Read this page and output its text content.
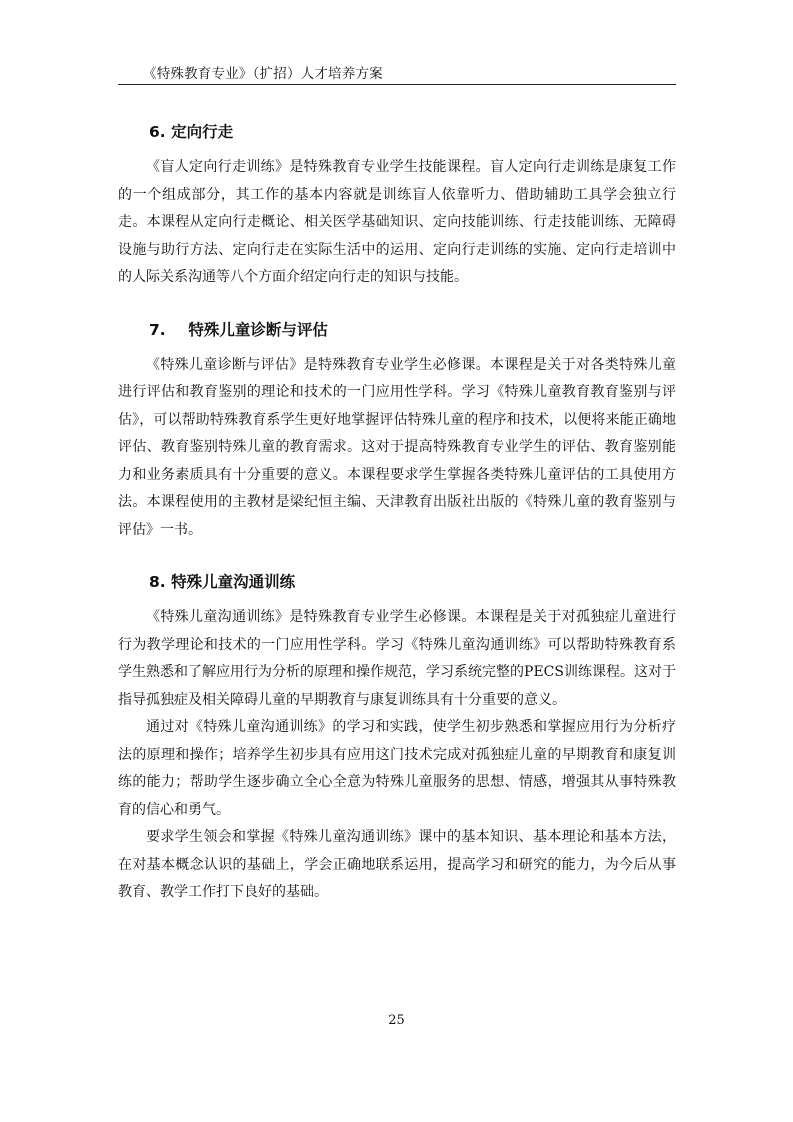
《特殊教育专业》（扩招）人才培养方案
6. 定向行走

《盲人定向行走训练》是特殊教育专业学生技能课程。盲人定向行走训练是康复工作的一个组成部分，其工作的基本内容就是训练盲人依靠听力、借助辅助工具学会独立行走。本课程从定向行走概论、相关医学基础知识、定向技能训练、行走技能训练、无障碍设施与助行方法、定向行走在实际生活中的运用、定向行走训练的实施、定向行走培训中的人际关系沟通等八个方面介绍定向行走的知识与技能。

7. 特殊儿童诊断与评估

《特殊儿童诊断与评估》是特殊教育专业学生必修课。本课程是关于对各类特殊儿童进行评估和教育鉴别的理论和技术的一门应用性学科。学习《特殊儿童教育教育鉴别与评估》，可以帮助特殊教育系学生更好地掌握评估特殊儿童的程序和技术，以便将来能正确地评估、教育鉴别特殊儿童的教育需求。这对于提高特殊教育专业学生的评估、教育鉴别能力和业务素质具有十分重要的意义。本课程要求学生掌握各类特殊儿童评估的工具使用方法。本课程使用的主教材是梁纪恒主编、天津教育出版社出版的《特殊儿童的教育鉴别与评估》一书。

8. 特殊儿童沟通训练

《特殊儿童沟通训练》是特殊教育专业学生必修课。本课程是关于对孤独症儿童进行行为教学理论和技术的一门应用性学科。学习《特殊儿童沟通训练》可以帮助特殊教育系学生熟悉和了解应用行为分析的原理和操作规范，学习系统完整的PECS训练课程。这对于指导孤独症及相关障碍儿童的早期教育与康复训练具有十分重要的意义。

通过对《特殊儿童沟通训练》的学习和实践，使学生初步熟悉和掌握应用行为分析疗法的原理和操作；培养学生初步具有应用这门技术完成对孤独症儿童的早期教育和康复训练的能力；帮助学生逐步确立全心全意为特殊儿童服务的思想、情感，增强其从事特殊教育的信心和勇气。

要求学生领会和掌握《特殊儿童沟通训练》课中的基本知识、基本理论和基本方法，在对基本概念认识的基础上，学会正确地联系运用，提高学习和研究的能力，为今后从事教育、教学工作打下良好的基础。

25
